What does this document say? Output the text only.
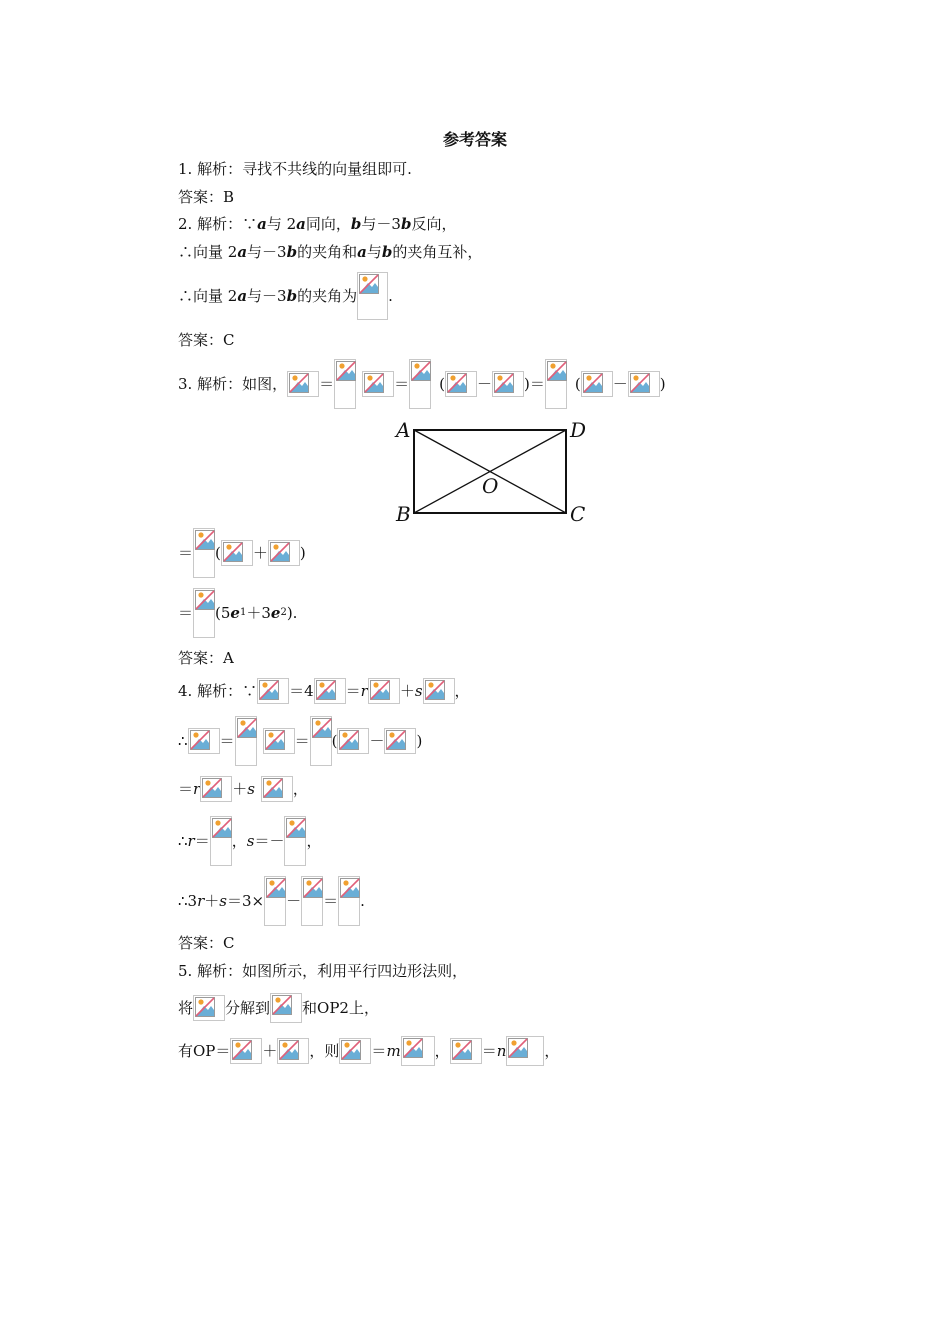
参考答案
1. 解析：寻找不共线的向量组即可.
答案：B
2. 解析：∵ a 与 2 a 同向， b 与－3 b 反向，
∴向量 2 a 与－3 b 的夹角和 a 与 b 的夹角互补，
∴向量 2 a 与－3 b 的夹角为 .
答案：C
3. 解析：如图， ＝	＝ ( － ) ＝ ( － )
A	D
O
B	C
＝ ( ＋ )
＝ (5 e 1 ＋3 e 2 ).
答案：A
4. 解析：∵ ＝4 ＝ r ＋ s ，
∴ ＝	＝ ( － )
＝ r ＋ s	，
∴ r ＝ ， s ＝－ ，
∴3 r ＋ s ＝3× － ＝ .
答案：C
5. 解析：如图所示，利用平行四边形法则，
将 分解到 和OP2上，
有OP＝ ＋ ，则 ＝ m ， ＝ n	，
